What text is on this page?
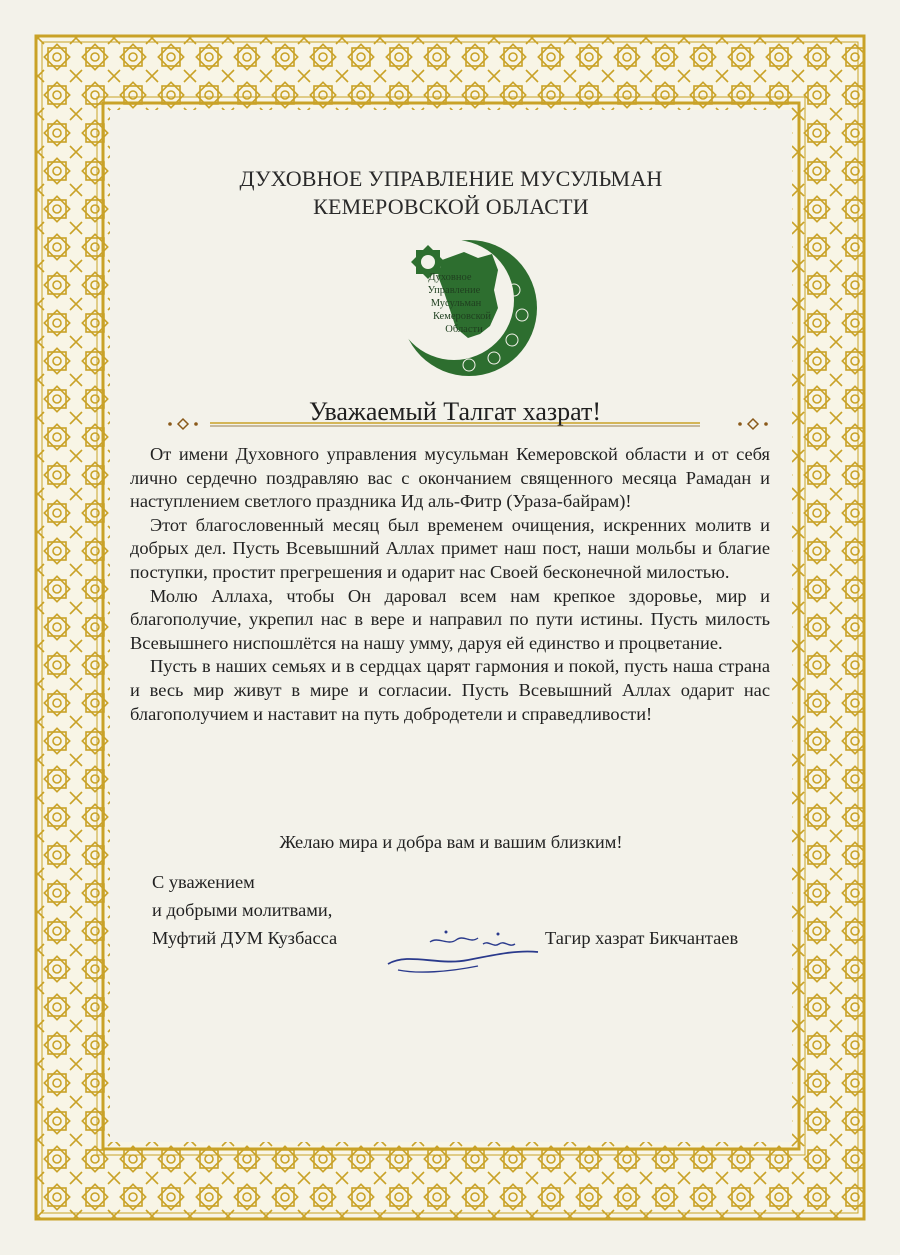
ДУХОВНОЕ УПРАВЛЕНИЕ МУСУЛЬМАН
КЕМЕРОВСКОЙ ОБЛАСТИ
Духовное
Управление
Мусульман
Кемеровской
Области
Уважаемый Талгат хазрат!

От имени Духовного управления мусульман Кемеровской области и от себя лично сердечно поздравляю вас с окончанием священного месяца Рамадан и наступлением светлого праздника Ид аль-Фитр (Ураза-байрам)!

Этот благословенный месяц был временем очищения, искренних молитв и добрых дел. Пусть Всевышний Аллах примет наш пост, наши мольбы и благие поступки, простит прегрешения и одарит нас Своей бесконечной милостью.

Молю Аллаха, чтобы Он даровал всем нам крепкое здоровье, мир и благополучие, укрепил нас в вере и направил по пути истины. Пусть милость Всевышнего ниспошлётся на нашу умму, даруя ей единство и процветание.

Пусть в наших семьях и в сердцах царят гармония и покой, пусть наша страна и весь мир живут в мире и согласии. Пусть Всевышний Аллах одарит нас благополучием и наставит на путь добродетели и справедливости!

Желаю мира и добра вам и вашим близким!
С уважением
и добрыми молитвами,
Муфтий ДУМ Кузбасса	Тагир хазрат Бикчантаев
